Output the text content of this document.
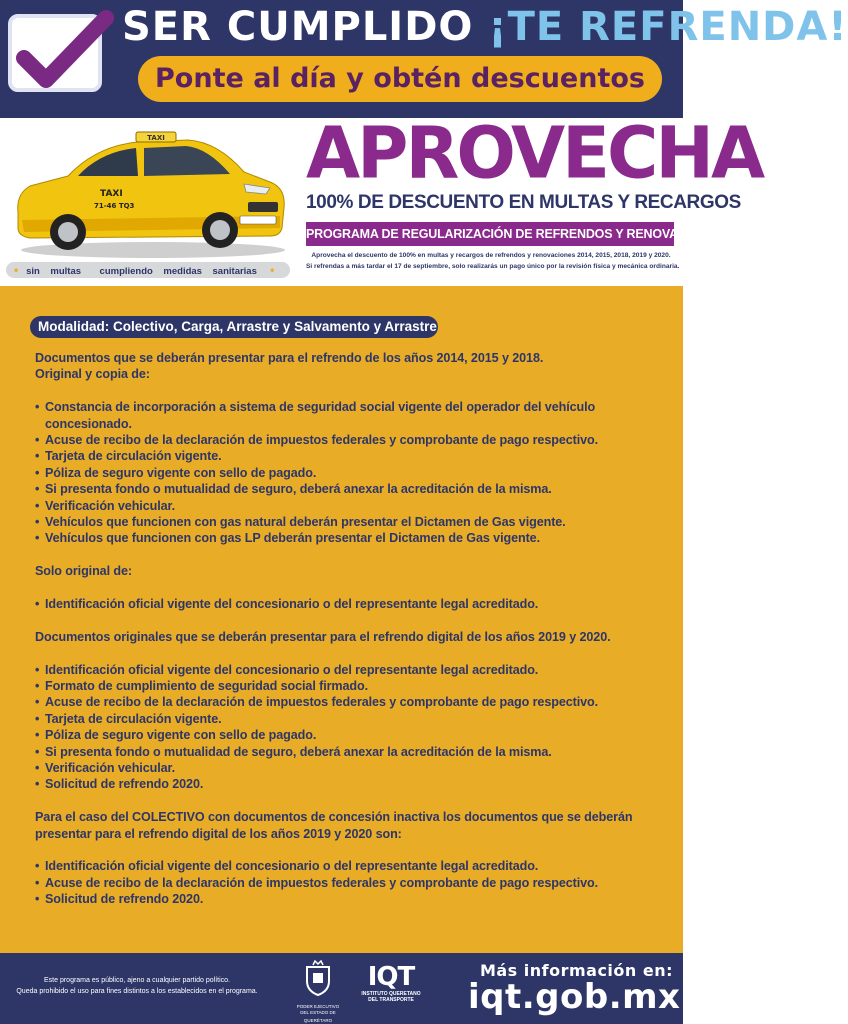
SER CUMPLIDO ¡TE REFRENDA!
Ponte al día y obtén descuentos
TAXI
TAXI
71-46 TQ3
• sin multas cumpliendo medidas sanitarias •
APROVECHA
100% DE DESCUENTO EN MULTAS Y RECARGOS
PROGRAMA DE REGULARIZACIÓN DE REFRENDOS Y RENOVACIONES
Aprovecha el descuento de 100% en multas y recargos de refrendos y renovaciones 2014, 2015, 2018, 2019 y 2020.
Si refrendas a más tardar el 17 de septiembre, solo realizarás un pago único por la revisión física y mecánica ordinaria.
Modalidad: Colectivo, Carga, Arrastre y Salvamento y Arrastre

Documentos que se deberán presentar para el refrendo de los años 2014, 2015 y 2018.

Original y copia de:

• Constancia de incorporación a sistema de seguridad social vigente del operador del vehículo concesionado.

• Acuse de recibo de la declaración de impuestos federales y comprobante de pago respectivo.

• Tarjeta de circulación vigente.

• Póliza de seguro vigente con sello de pagado.

• Si presenta fondo o mutualidad de seguro, deberá anexar la acreditación de la misma.

• Verificación vehicular.

• Vehículos que funcionen con gas natural deberán presentar el Dictamen de Gas vigente.

• Vehículos que funcionen con gas LP deberán presentar el Dictamen de Gas vigente.

Solo original de:

• Identificación oficial vigente del concesionario o del representante legal acreditado.

Documentos originales que se deberán presentar para el refrendo digital de los años 2019 y 2020.

• Identificación oficial vigente del concesionario o del representante legal acreditado.

• Formato de cumplimiento de seguridad social firmado.

• Acuse de recibo de la declaración de impuestos federales y comprobante de pago respectivo.

• Tarjeta de circulación vigente.

• Póliza de seguro vigente con sello de pagado.

• Si presenta fondo o mutualidad de seguro, deberá anexar la acreditación de la misma.

• Verificación vehicular.

• Solicitud de refrendo 2020.

Para el caso del COLECTIVO con documentos de concesión inactiva los documentos que se deberán presentar para el refrendo digital de los años 2019 y 2020 son:

• Identificación oficial vigente del concesionario o del representante legal acreditado.

• Acuse de recibo de la declaración de impuestos federales y comprobante de pago respectivo.

• Solicitud de refrendo 2020.

Este programa es público, ajeno a cualquier partido político.
Queda prohibido el uso para fines distintos a los establecidos en el programa.
PODER EJECUTIVO DEL ESTADO DE
QUERÉTARO
IQT
INSTITUTO QUERETANO
DEL TRANSPORTE
Más información en:
iqt.gob.mx
